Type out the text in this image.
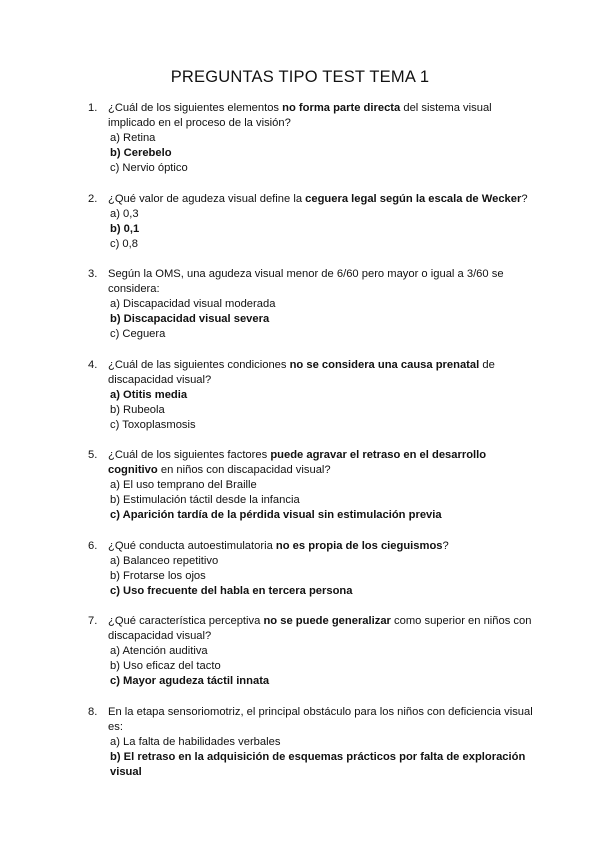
PREGUNTAS TIPO TEST TEMA 1
1. ¿Cuál de los siguientes elementos no forma parte directa del sistema visual implicado en el proceso de la visión?
a) Retina
b) Cerebelo
c) Nervio óptico
2. ¿Qué valor de agudeza visual define la ceguera legal según la escala de Wecker?
a) 0,3
b) 0,1
c) 0,8
3. Según la OMS, una agudeza visual menor de 6/60 pero mayor o igual a 3/60 se considera:
a) Discapacidad visual moderada
b) Discapacidad visual severa
c) Ceguera
4. ¿Cuál de las siguientes condiciones no se considera una causa prenatal de discapacidad visual?
a) Otitis media
b) Rubeola
c) Toxoplasmosis
5. ¿Cuál de los siguientes factores puede agravar el retraso en el desarrollo cognitivo en niños con discapacidad visual?
a) El uso temprano del Braille
b) Estimulación táctil desde la infancia
c) Aparición tardía de la pérdida visual sin estimulación previa
6. ¿Qué conducta autoestimulatoria no es propia de los cieguismos?
a) Balanceo repetitivo
b) Frotarse los ojos
c) Uso frecuente del habla en tercera persona
7. ¿Qué característica perceptiva no se puede generalizar como superior en niños con discapacidad visual?
a) Atención auditiva
b) Uso eficaz del tacto
c) Mayor agudeza táctil innata
8. En la etapa sensoriomotriz, el principal obstáculo para los niños con deficiencia visual es:
a) La falta de habilidades verbales
b) El retraso en la adquisición de esquemas prácticos por falta de exploración visual
